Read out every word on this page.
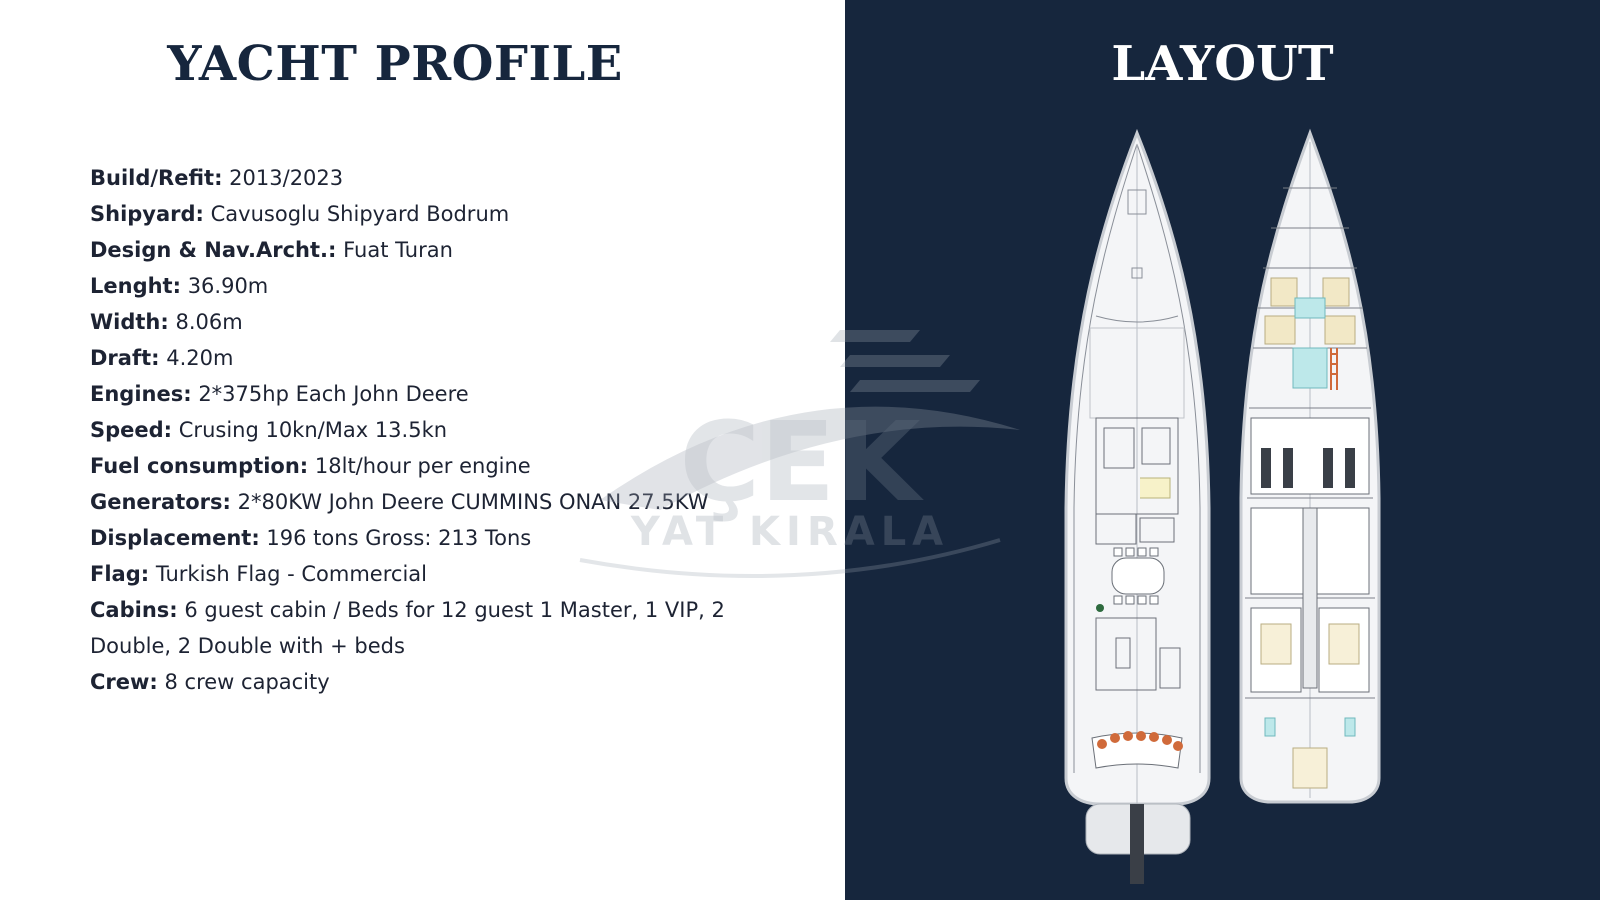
YACHT PROFILE
Build/Refit: 2013/2023
Shipyard: Cavusoglu Shipyard Bodrum
Design & Nav.Archt.: Fuat Turan
Lenght: 36.90m
Width: 8.06m
Draft: 4.20m
Engines: 2*375hp Each John Deere
Speed: Crusing 10kn/Max 13.5kn
Fuel consumption: 18lt/hour per engine
Generators: 2*80KW John Deere CUMMINS ONAN 27.5KW
Displacement: 196 tons Gross: 213 Tons
Flag: Turkish Flag - Commercial
Cabins: 6 guest cabin / Beds for 12 guest 1 Master, 1 VIP, 2 Double, 2 Double with + beds
Crew: 8 crew capacity
LAYOUT
ÇEK
YAT KIRALA
